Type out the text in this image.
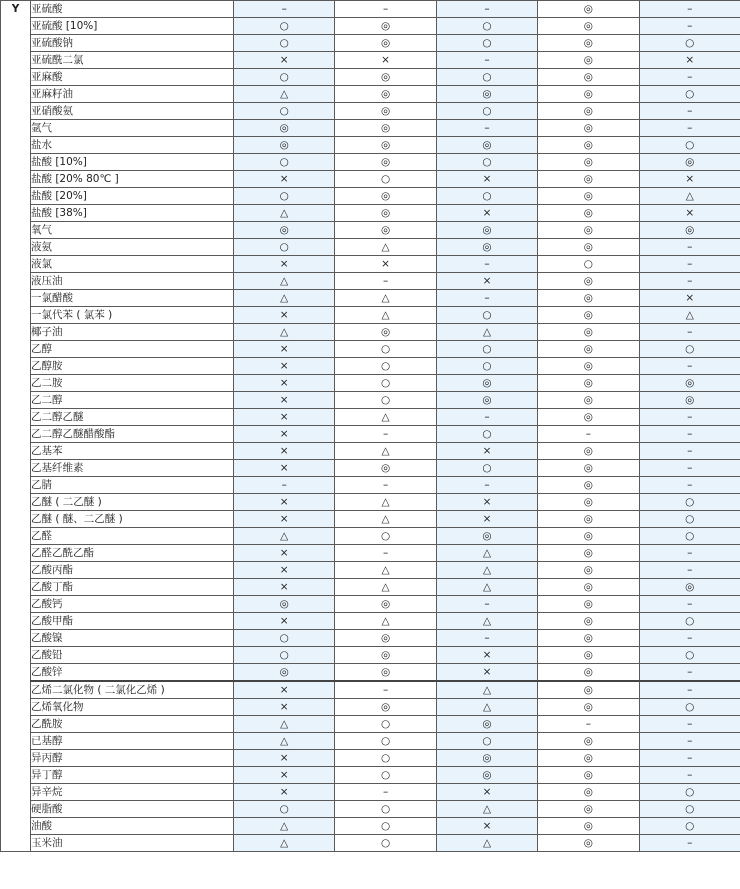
Y	亚硫酸	–	–	–	◎	–
	亚硫酸 [10%]	○	◎	○	◎	–
	亚硫酸钠	○	◎	○	◎	○
	亚硫酰二氯	×	×	–	◎	×
	亚麻酸	○	◎	○	◎	–
	亚麻籽油	△	◎	◎	◎	○
	亚硝酸氨	○	◎	○	◎	–
	氩气	◎	◎	–	◎	–
	盐水	◎	◎	◎	◎	○
	盐酸 [10%]	○	◎	○	◎	◎
	盐酸 [20% 80℃ ]	×	○	×	◎	×
	盐酸 [20%]	○	◎	○	◎	△
	盐酸 [38%]	△	◎	×	◎	×
	氧气	◎	◎	◎	◎	◎
	液氨	○	△	◎	◎	–
	液氯	×	×	–	○	–
	液压油	△	–	×	◎	–
	一氯醋酸	△	△	–	◎	×
	一氯代苯 ( 氯苯 )	×	△	○	◎	△
	椰子油	△	◎	△	◎	–
	乙醇	×	○	○	◎	○
	乙醇胺	×	○	○	◎	–
	乙二胺	×	○	◎	◎	◎
	乙二醇	×	○	◎	◎	◎
	乙二醇乙醚	×	△	–	◎	–
	乙二醇乙醚醋酸酯	×	–	○	–	–
	乙基苯	×	△	×	◎	–
	乙基纤维素	×	◎	○	◎	–
	乙腈	–	–	–	◎	–
	乙醚 ( 二乙醚 )	×	△	×	◎	○
	乙醚 ( 醚、二乙醚 )	×	△	×	◎	○
	乙醛	△	○	◎	◎	○
	乙醛乙酰乙酯	×	–	△	◎	–
	乙酸丙酯	×	△	△	◎	–
	乙酸丁酯	×	△	△	◎	◎
	乙酸钙	◎	◎	–	◎	–
	乙酸甲酯	×	△	△	◎	○
	乙酸镍	○	◎	–	◎	–
	乙酸铅	○	◎	×	◎	○
	乙酸锌	◎	◎	×	◎	–
	乙烯二氯化物 ( 二氯化乙烯 )	×	–	△	◎	–
	乙烯氧化物	×	◎	△	◎	○
	乙酰胺	△	○	◎	–	–
	已基醇	△	○	○	◎	–
	异丙醇	×	○	◎	◎	–
	异丁醇	×	○	◎	◎	–
	异辛烷	×	–	×	◎	○
	硬脂酸	○	○	△	◎	○
	油酸	△	○	×	◎	○
	玉米油	△	○	△	◎	–
